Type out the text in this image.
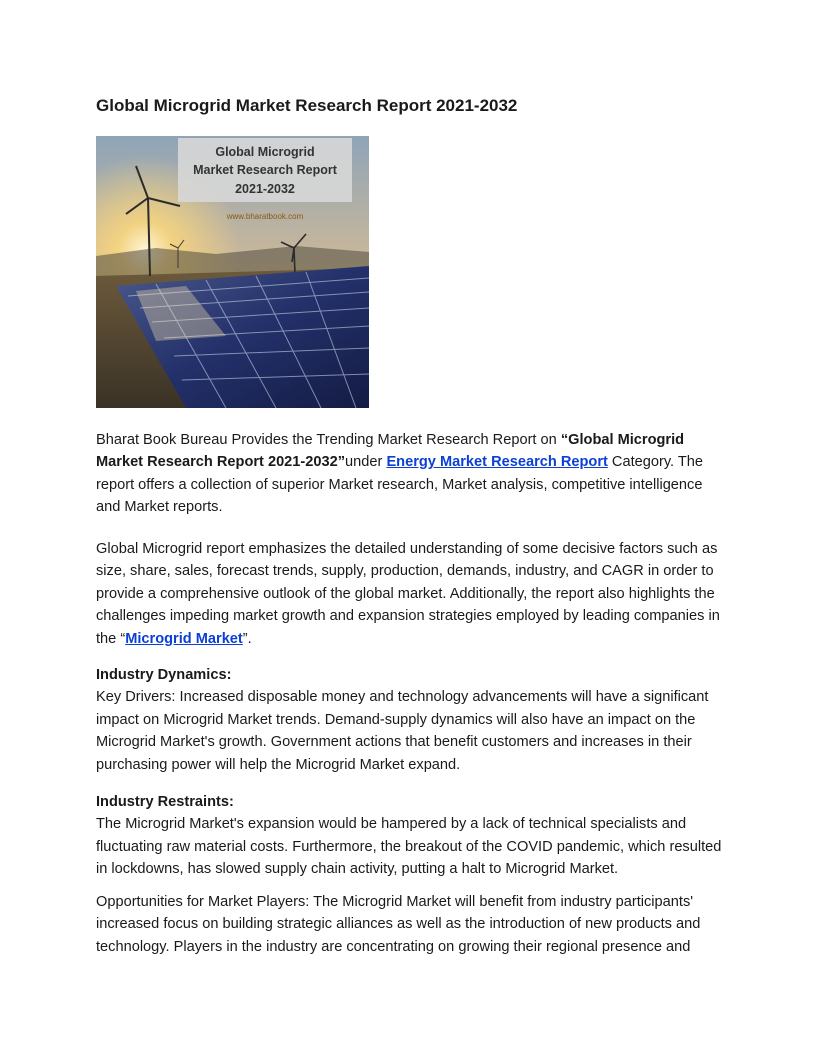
Global Microgrid Market Research Report 2021-2032
Global Microgrid
Market Research Report
2021-2032
www.bharatbook.com

Bharat Book Bureau Provides the Trending Market Research Report on “Global Microgrid Market Research Report 2021-2032”under Energy Market Research Report Category. The report offers a collection of superior Market research, Market analysis, competitive intelligence and Market reports.

Global Microgrid report emphasizes the detailed understanding of some decisive factors such as size, share, sales, forecast trends, supply, production, demands, industry, and CAGR in order to provide a comprehensive outlook of the global market. Additionally, the report also highlights the challenges impeding market growth and expansion strategies employed by leading companies in the “Microgrid Market”.

Industry Dynamics:

Key Drivers: Increased disposable money and technology advancements will have a significant impact on Microgrid Market trends. Demand-supply dynamics will also have an impact on the Microgrid Market's growth. Government actions that benefit customers and increases in their purchasing power will help the Microgrid Market expand.

Industry Restraints:

The Microgrid Market's expansion would be hampered by a lack of technical specialists and fluctuating raw material costs. Furthermore, the breakout of the COVID pandemic, which resulted in lockdowns, has slowed supply chain activity, putting a halt to Microgrid Market.

Opportunities for Market Players: The Microgrid Market will benefit from industry participants' increased focus on building strategic alliances as well as the introduction of new products and technology. Players in the industry are concentrating on growing their regional presence and
